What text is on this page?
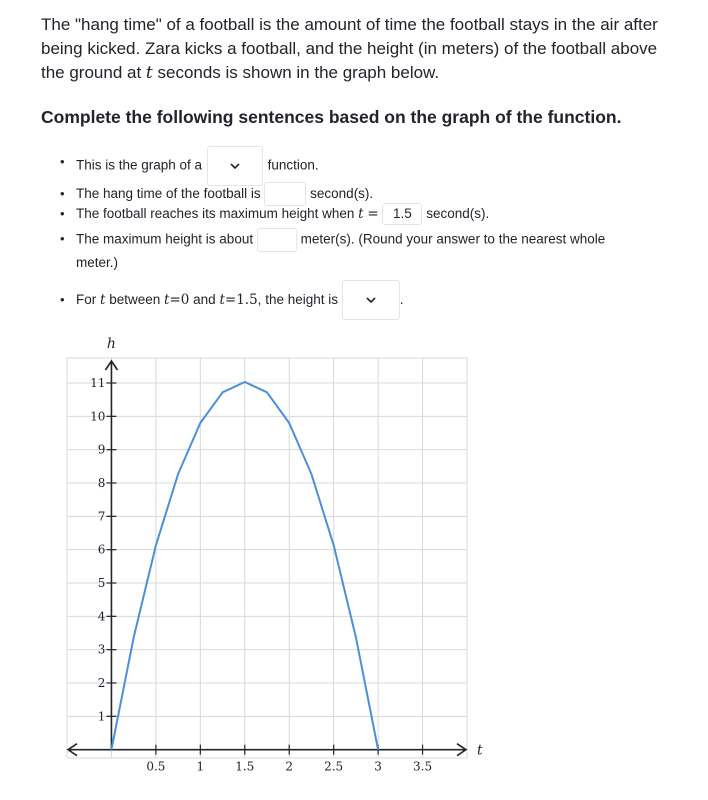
The "hang time" of a football is the amount of time the football stays in the air after being kicked. Zara kicks a football, and the height (in meters) of the football above the ground at t seconds is shown in the graph below.

Complete the following sentences based on the graph of the function.

• This is the graph of a	function.
• The hang time of the football is	second(s).
• The football reaches its maximum height when t = 1.5 second(s).
• The maximum height is about	meter(s). (Round your answer to the nearest whole meter.)
• For t between t=0 and t=1.5, the height is	.
0.5	1	1.5	2	2.5	3	3.5
1
2
3
4
5
6
7
8
9
10
11
t
h
